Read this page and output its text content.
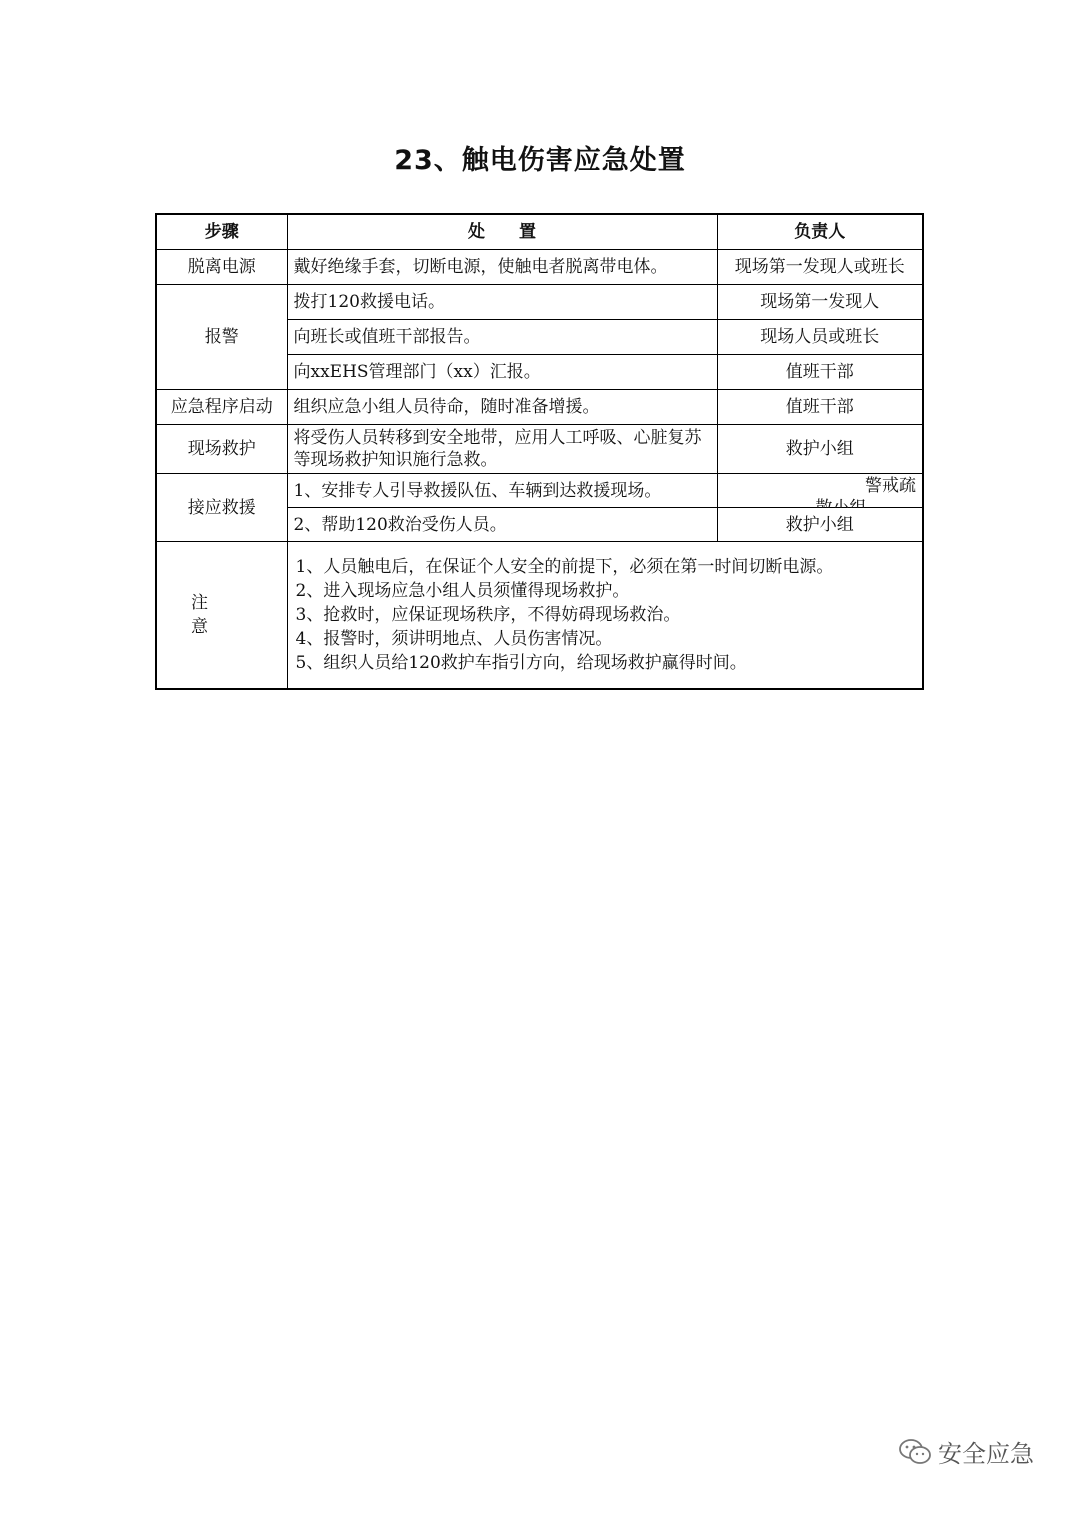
23、触电伤害应急处置
步骤	处　　置	负责人
脱离电源	戴好绝缘手套，切断电源，使触电者脱离带电体。	现场第一发现人或班长
报警	拨打120救援电话。	现场第一发现人
	向班长或值班干部报告。	现场人员或班长
	向xxEHS管理部门（xx）汇报。	值班干部
应急程序启动	组织应急小组人员待命，随时准备增援。	值班干部
现场救护	将受伤人员转移到安全地带，应用人工呼吸、心脏复苏等现场救护知识施行急救。	救护小组
接应救援	1、安排专人引导救援队伍、车辆到达救援现场。	警戒疏

	2、帮助120救治受伤人员。	救护小组
注意	1、人员触电后，在保证个人安全的前提下，必须在第一时间切断电源。
2、进入现场应急小组人员须懂得现场救护。
3、抢救时，应保证现场秩序，不得妨碍现场救治。
4、报警时，须讲明地点、人员伤害情况。
5、组织人员给120救护车指引方向，给现场救护赢得时间。	
安全应急
